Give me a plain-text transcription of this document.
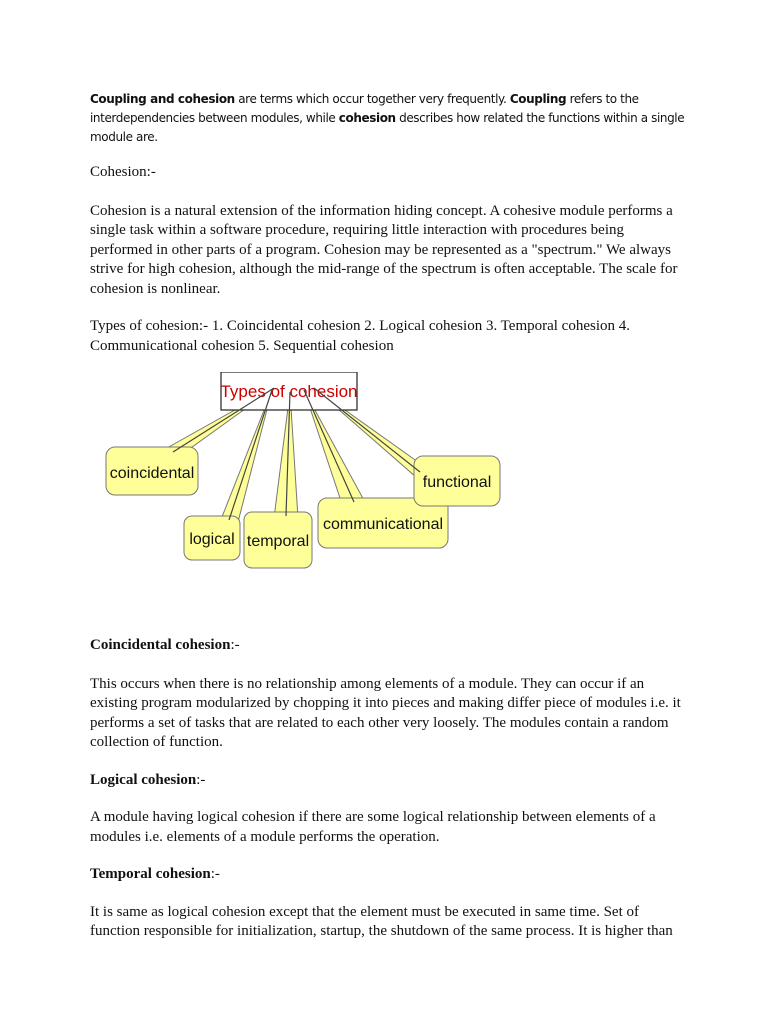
Coupling and cohesion are terms which occur together very frequently. Coupling refers to the interdependencies between modules, while cohesion describes how related the functions within a single module are.

Cohesion:-

Cohesion is a natural extension of the information hiding concept. A cohesive module performs a single task within a software procedure, requiring little interaction with procedures being performed in other parts of a program. Cohesion may be represented as a "spectrum." We always strive for high cohesion, although the mid-range of the spectrum is often acceptable. The scale for cohesion is nonlinear.

Types of cohesion:- 1. Coincidental cohesion 2. Logical cohesion 3. Temporal cohesion 4. Communicational cohesion 5. Sequential cohesion

Types of cohesion
coincidental
logical temporal
communicational
functional

Coincidental cohesion:-

This occurs when there is no relationship among elements of a module. They can occur if an existing program modularized by chopping it into pieces and making differ piece of modules i.e. it performs a set of tasks that are related to each other very loosely. The modules contain a random collection of function.

Logical cohesion:-

A module having logical cohesion if there are some logical relationship between elements of a modules i.e. elements of a module performs the operation.

Temporal cohesion:-

It is same as logical cohesion except that the element must be executed in same time. Set of function responsible for initialization, startup, the shutdown of the same process. It is higher than
